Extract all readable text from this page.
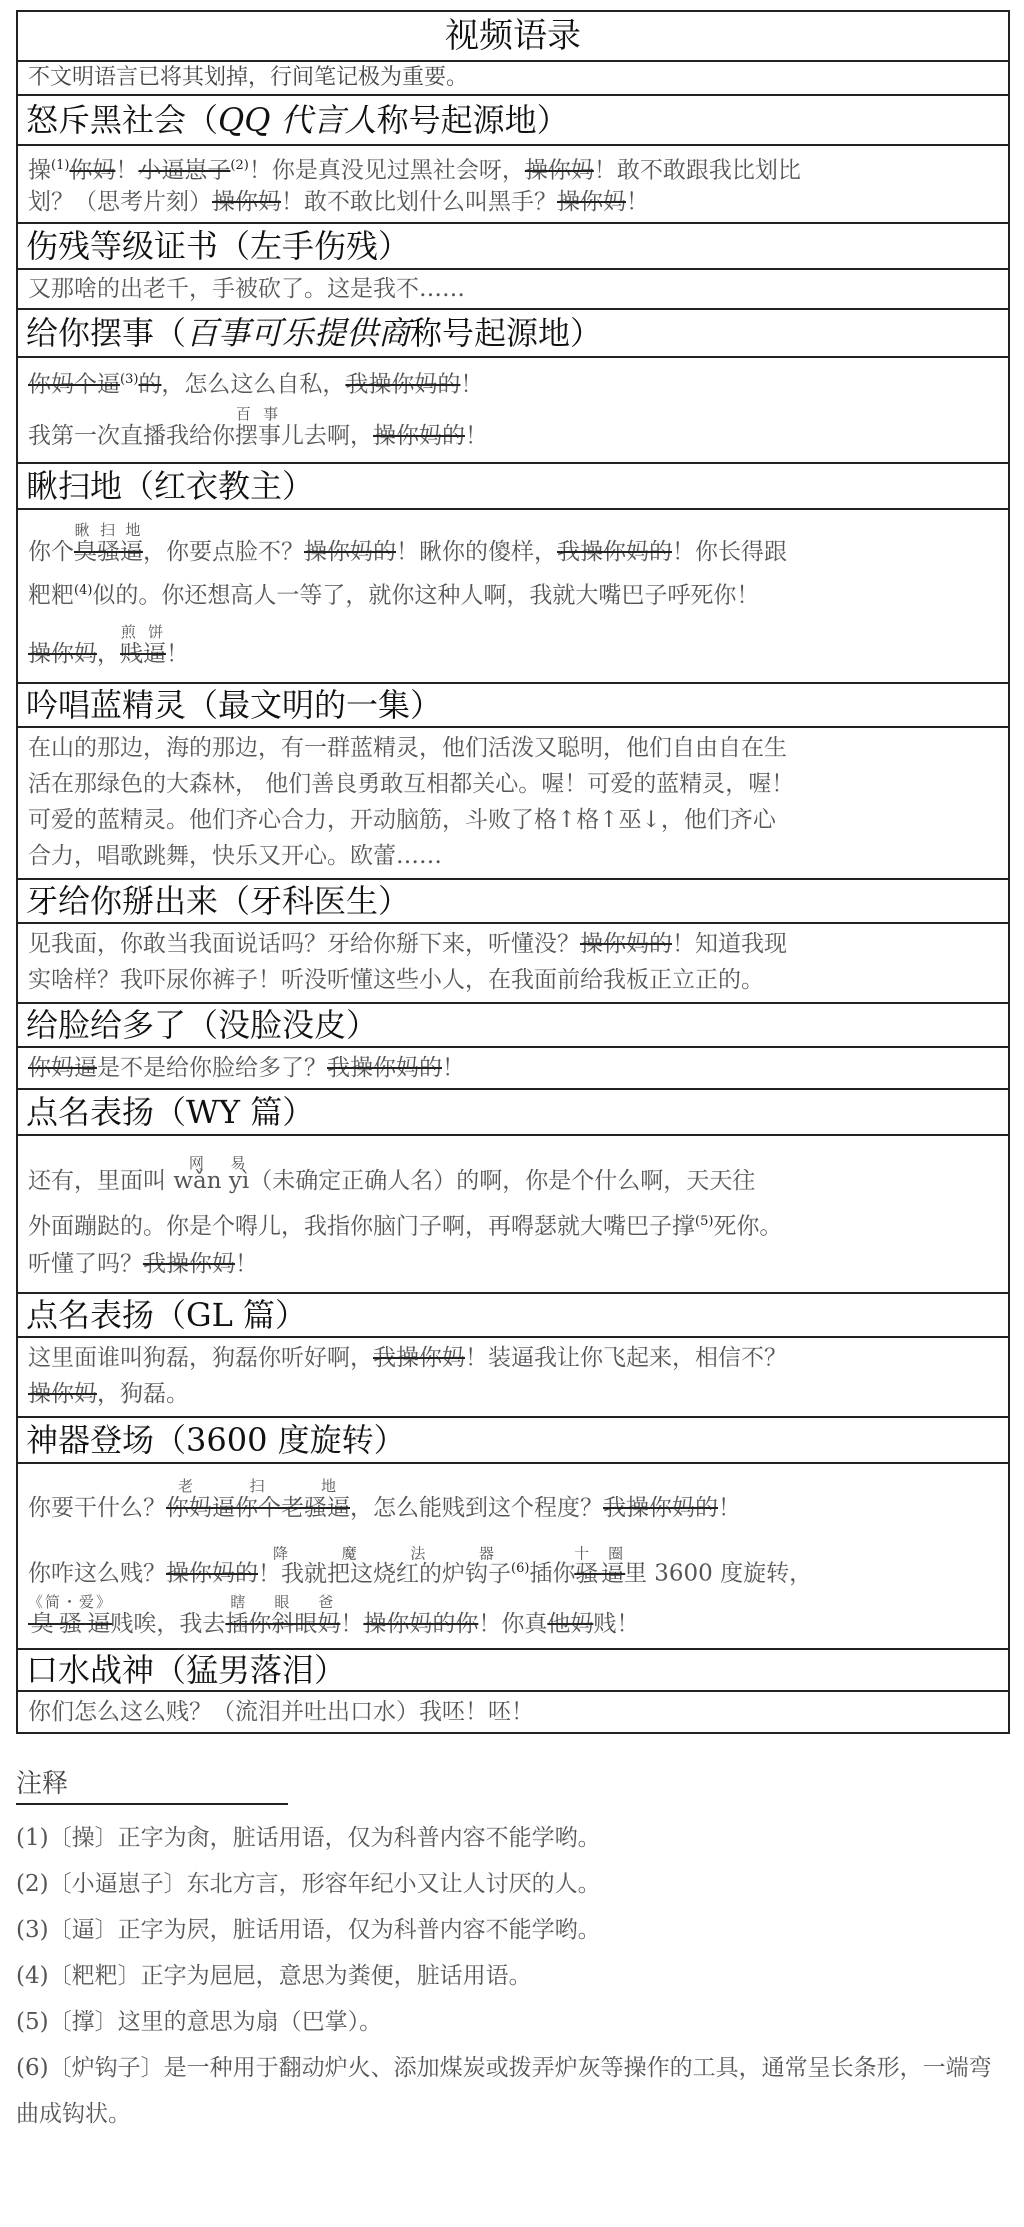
视频语录
不文明语言已将其划掉，行间笔记极为重要。
怒斥黑社会（QQ 代言人称号起源地）
操$^{(1)}$你妈！小逼崽子$^{(2)}$！你是真没见过黑社会呀，操你妈！敢不敢跟我比划比
划？（思考片刻）操你妈！敢不敢比划什么叫黑手？操你妈！
伤残等级证书（左手伤残）
又那啥的出老千，手被砍了。这是我不……
给你摆事（百事可乐提供商称号起源地）
你妈个逼$^{(3)}$的，怎么这么自私，我操你妈的！
我第一次直播我给你摆事百 事儿去啊，操你妈的！
瞅扫地（红衣教主）
你个臭骚逼瞅 扫 地，你要点脸不？操你妈的！瞅你的傻样，我操你妈的！你长得跟
粑粑$^{(4)}$似的。你还想高人一等了，就你这种人啊，我就大嘴巴子呼死你！
操你妈，贱逼煎 饼！
吟唱蓝精灵（最文明的一集）
在山的那边，海的那边，有一群蓝精灵，他们活泼又聪明，他们自由自在生
活在那绿色的大森林， 他们善良勇敢互相都关心。喔！可爱的蓝精灵，喔！
可爱的蓝精灵。他们齐心合力，开动脑筋，斗败了格↑格↑巫↓，他们齐心
合力，唱歌跳舞，快乐又开心。欧蕾……
牙给你掰出来（牙科医生）
见我面，你敢当我面说话吗？牙给你掰下来，听懂没？操你妈的！知道我现
实啥样？我吓尿你裤子！听没听懂这些小人，在我面前给我板正立正的。
给脸给多了（没脸没皮）
你妈逼是不是给你脸给多了？我操你妈的！
点名表扬（WY 篇）
还有，里面叫 wǎn网 yì易（未确定正确人名）的啊，你是个什么啊，天天往
外面蹦跶的。你是个嘚儿，我指你脑门子啊，再嘚瑟就大嘴巴子撑$^{(5)}$死你。
听懂了吗？我操你妈！
点名表扬（GL 篇）
这里面谁叫狗磊，狗磊你听好啊，我操你妈！装逼我让你飞起来，相信不？
操你妈，狗磊。
神器登场（3600 度旋转）
你要干什么？你妈逼你个老骚逼老 扫 地，怎么能贱到这个程度？我操你妈的！
你咋这么贱？操你妈的！我就把这烧红的炉钩子降魔法器$^{(6)}$插你骚逼十　圈里 3600 度旋转，
臭骚逼《简・爱》贱唉，我去插你斜眼妈瞎 眼 爸！操你妈的你！你真他妈贱！
口水战神（猛男落泪）
你们怎么这么贱？（流泪并吐出口水）我呸！呸！
注释
(1)〔操〕正字为肏，脏话用语，仅为科普内容不能学哟。
(2)〔小逼崽子〕东北方言，形容年纪小又让人讨厌的人。
(3)〔逼〕正字为屄，脏话用语，仅为科普内容不能学哟。
(4)〔粑粑〕正字为㞎㞎，意思为粪便，脏话用语。
(5)〔撑〕这里的意思为扇（巴掌）。
(6)〔炉钩子〕是一种用于翻动炉火、添加煤炭或拨弄炉灰等操作的工具，通常呈长条形，一端弯曲成钩状。
